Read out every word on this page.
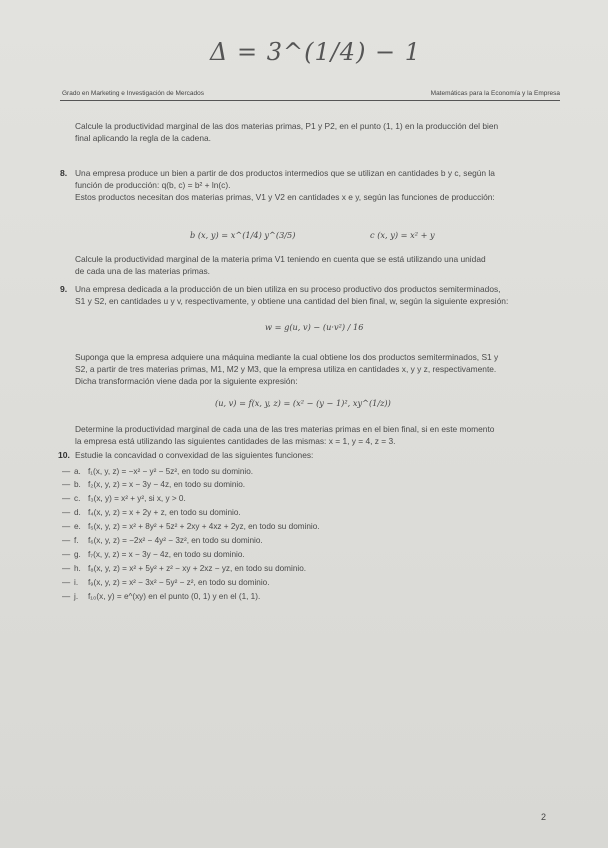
Δ = 3^(1/4) − 1
Grado en Marketing e Investigación de Mercados	Matemáticas para la Economía y la Empresa
Calcule la productividad marginal de las dos materias primas, P1 y P2, en el punto (1, 1) en la producción del bien
final aplicando la regla de la cadena.
8. Una empresa produce un bien a partir de dos productos intermedios que se utilizan en cantidades b y c, según la
función de producción: q(b, c) = b² + ln(c).
Estos productos necesitan dos materias primas, V1 y V2 en cantidades x e y, según las funciones de producción:
b (x, y) = x^(1/4) y^(3/5)	c (x, y) = x² + y
Calcule la productividad marginal de la materia prima V1 teniendo en cuenta que se está utilizando una unidad
de cada una de las materias primas.
9. Una empresa dedicada a la producción de un bien utiliza en su proceso productivo dos productos semiterminados,
S1 y S2, en cantidades u y v, respectivamente, y obtiene una cantidad del bien final, w, según la siguiente expresión:
w = g(u, v) − (u·v²) / 16
Suponga que la empresa adquiere una máquina mediante la cual obtiene los dos productos semiterminados, S1 y
S2, a partir de tres materias primas, M1, M2 y M3, que la empresa utiliza en cantidades x, y y z, respectivamente.
Dicha transformación viene dada por la siguiente expresión:
(u, v) = f(x, y, z) = (x² − (y − 1)², xy^(1/z))
Determine la productividad marginal de cada una de las tres materias primas en el bien final, si en este momento
la empresa está utilizando las siguientes cantidades de las mismas: x = 1, y = 4, z = 3.
10. Estudie la concavidad o convexidad de las siguientes funciones:
— a. f₁(x, y, z) = −x² − y² − 5z², en todo su dominio.
— b. f₂(x, y, z) = x − 3y − 4z, en todo su dominio.
— c. f₃(x, y) = x² + y², si x, y > 0.
— d. f₄(x, y, z) = x + 2y + z, en todo su dominio.
— e. f₅(x, y, z) = x² + 8y² + 5z² + 2xy + 4xz + 2yz, en todo su dominio.
— f. f₆(x, y, z) = −2x² − 4y² − 3z², en todo su dominio.
— g. f₇(x, y, z) = x − 3y − 4z, en todo su dominio.
— h. f₈(x, y, z) = x² + 5y² + z² − xy + 2xz − yz, en todo su dominio.
— i. f₉(x, y, z) = x² − 3x² − 5y² − z², en todo su dominio.
— j. f₁₀(x, y) = e^(xy) en el punto (0, 1) y en el (1, 1).
2
